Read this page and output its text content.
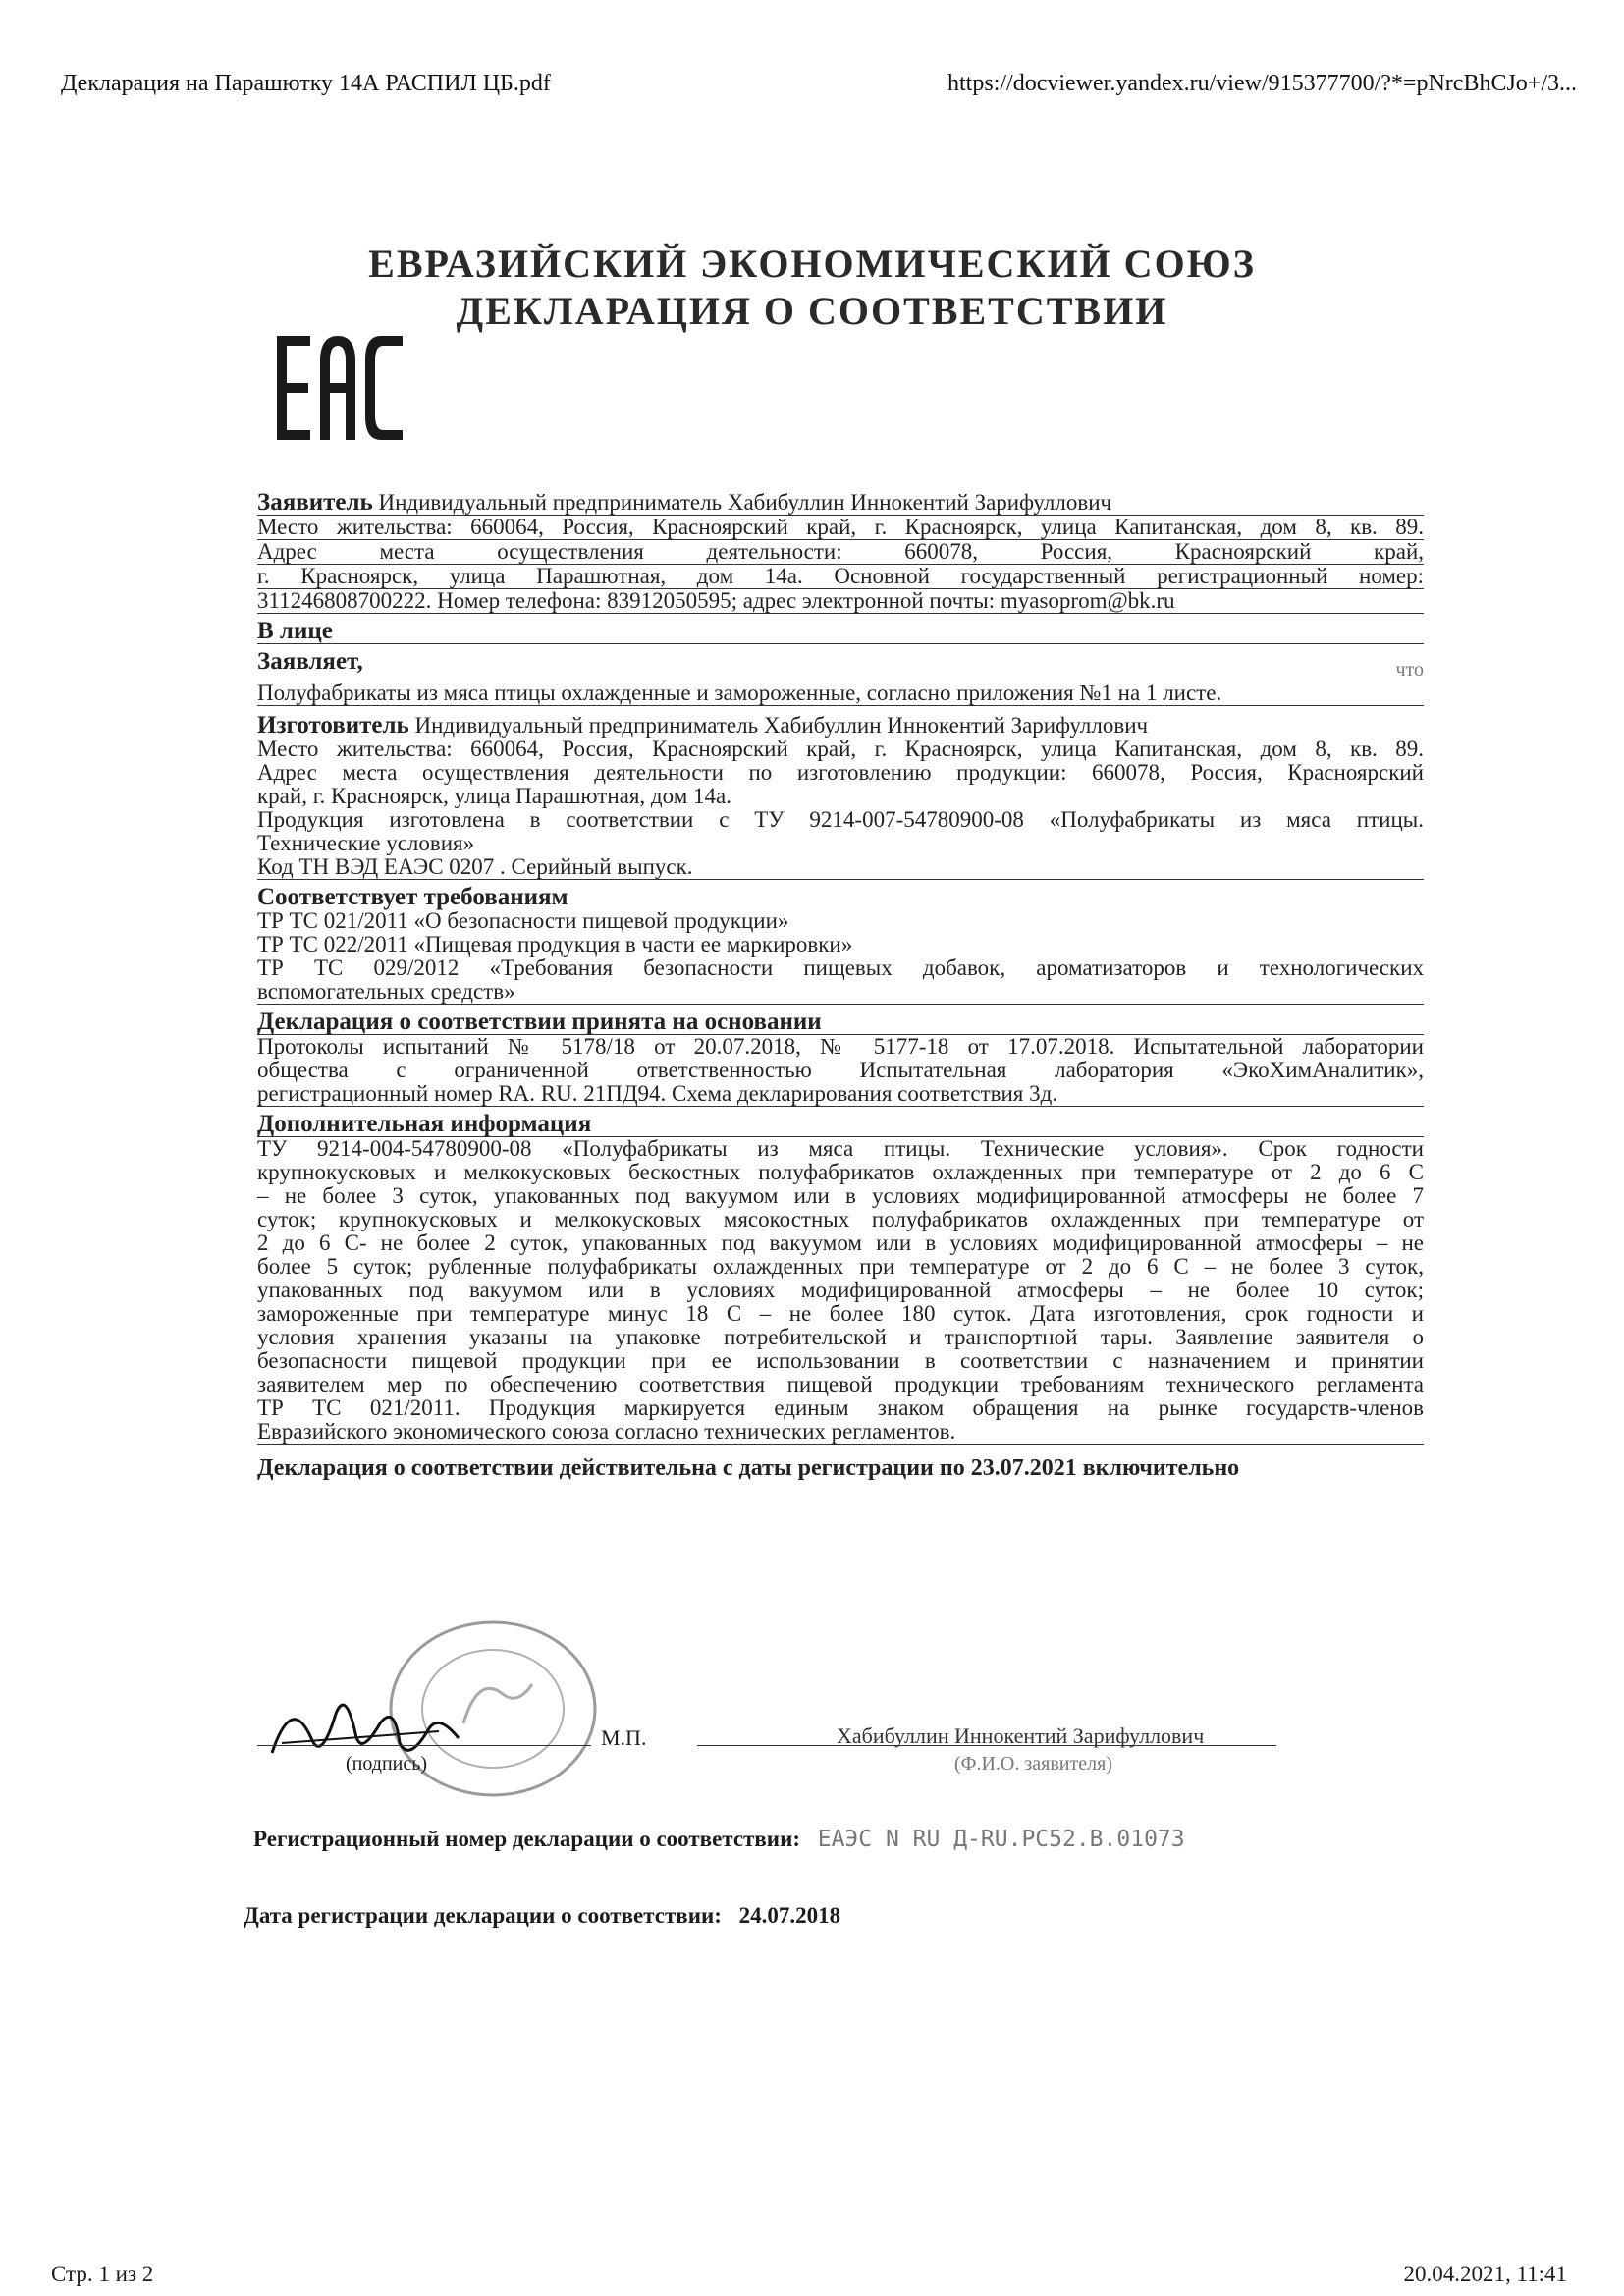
Декларация на Парашютку 14А РАСПИЛ ЦБ.pdf	https://docviewer.yandex.ru/view/915377700/?*=pNrcBhCJo+/3...
ЕВРАЗИЙСКИЙ ЭКОНОМИЧЕСКИЙ СОЮЗ
ДЕКЛАРАЦИЯ О СООТВЕТСТВИИ
Заявитель Индивидуальный предприниматель Хабибуллин Иннокентий Зарифуллович
Место жительства: 660064, Россия, Красноярский край, г. Красноярск, улица Капитанская, дом 8, кв. 89.
Адрес места осуществления деятельности: 660078, Россия, Красноярский край,
г. Красноярск, улица Парашютная, дом 14а. Основной государственный регистрационный номер:
311246808700222. Номер телефона: 83912050595; адрес электронной почты: myasoprom@bk.ru
В лице
Заявляет,	что
Полуфабрикаты из мяса птицы охлажденные и замороженные, согласно приложения №1 на 1 листе.
Изготовитель Индивидуальный предприниматель Хабибуллин Иннокентий Зарифуллович
Место жительства: 660064, Россия, Красноярский край, г. Красноярск, улица Капитанская, дом 8, кв. 89.
Адрес места осуществления деятельности по изготовлению продукции: 660078, Россия, Красноярский
край, г. Красноярск, улица Парашютная, дом 14а.
Продукция изготовлена в соответствии с ТУ 9214-007-54780900-08 «Полуфабрикаты из мяса птицы.
Технические условия»
Код ТН ВЭД ЕАЭС 0207 . Серийный выпуск.
Соответствует требованиям
ТР ТС 021/2011 «О безопасности пищевой продукции»
ТР ТС 022/2011 «Пищевая продукция в части ее маркировки»
ТР ТС 029/2012 «Требования безопасности пищевых добавок, ароматизаторов и технологических
вспомогательных средств»
Декларация о соответствии принята на основании
Протоколы испытаний № 5178/18 от 20.07.2018, № 5177-18 от 17.07.2018. Испытательной лаборатории
общества с ограниченной ответственностью Испытательная лаборатория «ЭкоХимАналитик»,
регистрационный номер RA. RU. 21ПД94. Схема декларирования соответствия 3д.
Дополнительная информация
ТУ 9214-004-54780900-08 «Полуфабрикаты из мяса птицы. Технические условия». Срок годности
крупнокусковых и мелкокусковых бескостных полуфабрикатов охлажденных при температуре от 2 до 6 С
– не более 3 суток, упакованных под вакуумом или в условиях модифицированной атмосферы не более 7
суток; крупнокусковых и мелкокусковых мясокостных полуфабрикатов охлажденных при температуре от
2 до 6 С- не более 2 суток, упакованных под вакуумом или в условиях модифицированной атмосферы – не
более 5 суток; рубленные полуфабрикаты охлажденных при температуре от 2 до 6 С – не более 3 суток,
упакованных под вакуумом или в условиях модифицированной атмосферы – не более 10 суток;
замороженные при температуре минус 18 С – не более 180 суток. Дата изготовления, срок годности и
условия хранения указаны на упаковке потребительской и транспортной тары. Заявление заявителя о
безопасности пищевой продукции при ее использовании в соответствии с назначением и принятии
заявителем мер по обеспечению соответствия пищевой продукции требованиям технического регламента
ТР ТС 021/2011. Продукция маркируется единым знаком обращения на рынке государств-членов
Евразийского экономического союза согласно технических регламентов.
Декларация о соответствии действительна с даты регистрации по 23.07.2021 включительно
М.П.	Хабибуллин Иннокентий Зарифуллович
(подпись)	(Ф.И.О. заявителя)
Регистрационный номер декларации о соответствии: ЕАЭС N RU Д-RU.РС52.В.01073
Дата регистрации декларации о соответствии: 24.07.2018
Стр. 1 из 2	20.04.2021, 11:41
